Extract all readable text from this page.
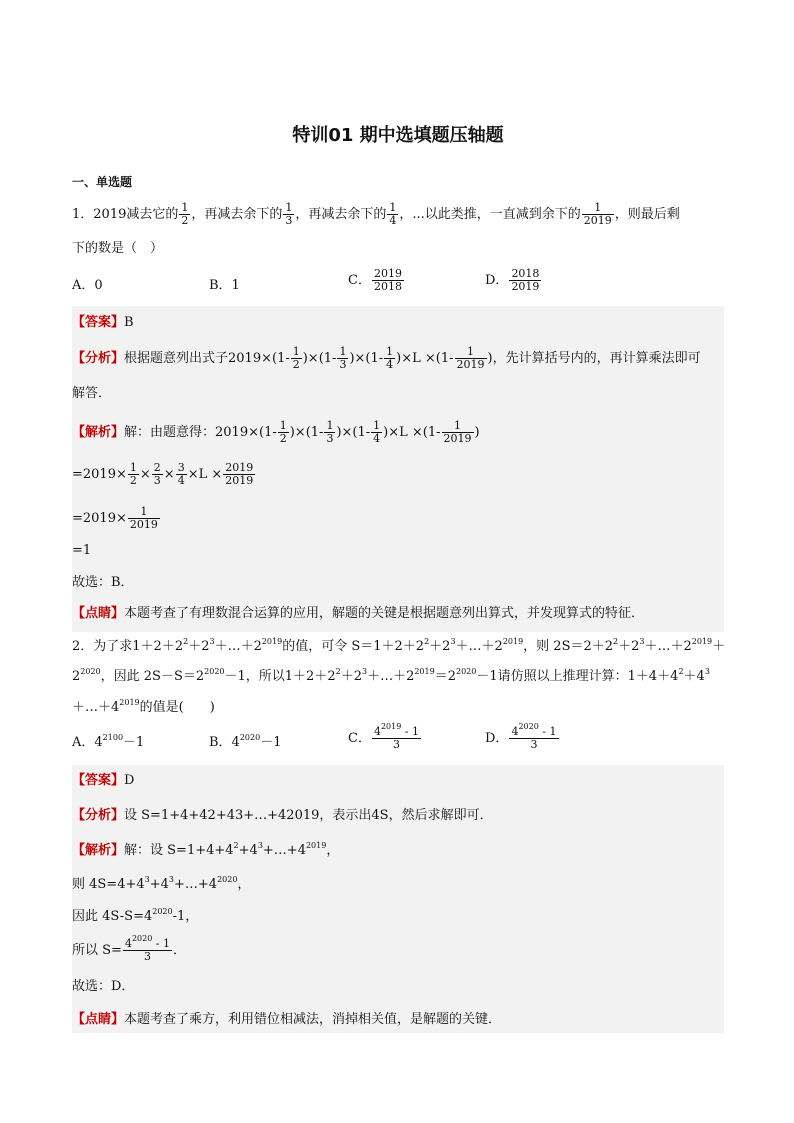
特训01 期中选填题压轴题
一、单选题
1．2019减去它的 $\frac{1}{2}$ ，再减去余下的 $\frac{1}{3}$ ，再减去余下的 $\frac{1}{4}$ ，...以此类推，一直减到余下的 $\frac{1}{2019}$ ，则最后剩
下的数是（　）
A．0	B．1	C． $\frac{2019}{2018}$	D． $\frac{2018}{2019}$
【答案】B
【分析】根据题意列出式子$2019\times(1- \frac{1}{2} )\times(1- \frac{1}{3} )\times(1- \frac{1}{4} )\times L \times(1- \frac{1}{2019}$ )，先计算括号内的，再计算乘法即可
解答．
【解析】解：由题意得：$2019\times(1- \frac{1}{2} )\times(1- \frac{1}{3} )\times(1- \frac{1}{4} )\times L \times(1- \frac{1}{2019}$ )
$=2019\times \frac{1}{2} \times \frac{2}{3} \times \frac{3}{4} \times L \times \frac{2019}{2019}$
$=2019\times \frac{1}{2019}$
=1
故选：B．
【点睛】本题考查了有理数混合运算的应用，解题的关键是根据题意列出算式，并发现算式的特征．
2．为了求$1+2+2^2+2^3+\dots+2^{2019}$的值，可令 $S=1+2+2^2+2^3+\dots+2^{2019}$，则 $2S=2+2^2+2^3+\dots+2^{2019}+$
$2^{2020}$，因此 $2S-S=2^{2020}-1$，所以$1+2+2^2+2^3+\dots+2^{2019}=2^{2020}-1$请仿照以上推理计算：$1+4+4^2+4^3$
$+\dots+4^{2019}$的值是(　　)
A．$4^{2100}-1$	B．$4^{2020}-1$	C． $\frac{4^{2019} - 1}{3}$	D． $\frac{4^{2020} - 1}{3}$
【答案】D
【分析】设 S=1+4+42+43+…+42019，表示出4S，然后求解即可．
【解析】解：设 $S=1+4+4^2+4^3+\dots+4^{2019}$，
则 $4S=4+4^3+4^3+\dots+4^{2020}$，
因此 $4S-S=4^{2020}-1$，
所以 $S= \frac{4^{2020} - 1}{3}$ ．
故选：D．
【点睛】本题考查了乘方，利用错位相减法，消掉相关值，是解题的关键．
